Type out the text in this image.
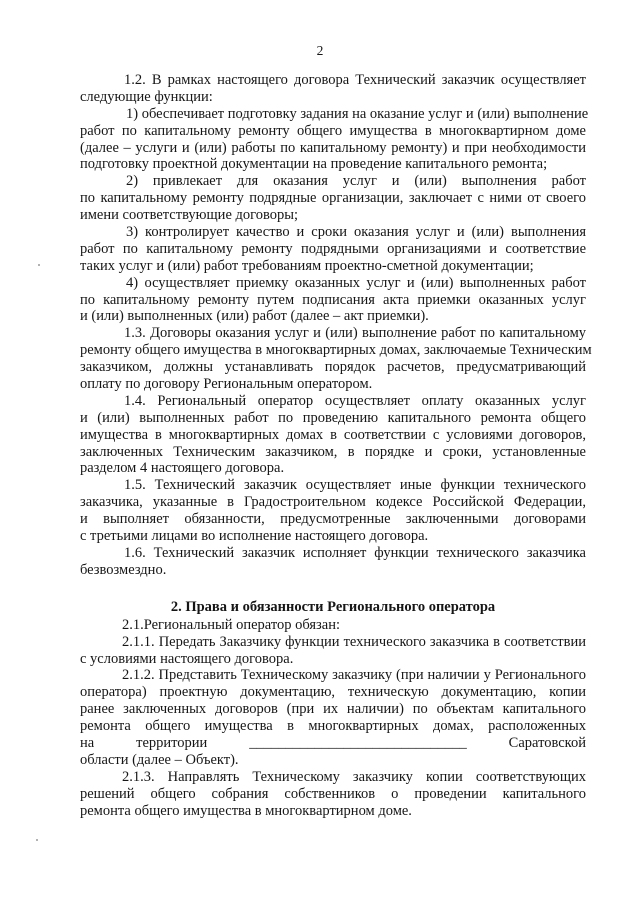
2
1.2. В рамках настоящего договора Технический заказчик осуществляет
следующие функции:
1) обеспечивает подготовку задания на оказание услуг и (или) выполнение
работ по капитальному ремонту общего имущества в многоквартирном доме
(далее – услуги и (или) работы по капитальному ремонту) и при необходимости
подготовку проектной документации на проведение капитального ремонта;
2) привлекает для оказания услуг и (или) выполнения работ
по капитальному ремонту подрядные организации, заключает с ними от своего
имени соответствующие договоры;
3) контролирует качество и сроки оказания услуг и (или) выполнения
работ по капитальному ремонту подрядными организациями и соответствие
таких услуг и (или) работ требованиям проектно-сметной документации;
4) осуществляет приемку оказанных услуг и (или) выполненных работ
по капитальному ремонту путем подписания акта приемки оказанных услуг
и (или) выполненных (или) работ (далее – акт приемки).
1.3. Договоры оказания услуг и (или) выполнение работ по капитальному
ремонту общего имущества в многоквартирных домах, заключаемые Техническим
заказчиком, должны устанавливать порядок расчетов, предусматривающий
оплату по договору Региональным оператором.
1.4. Региональный оператор осуществляет оплату оказанных услуг
и (или) выполненных работ по проведению капитального ремонта общего
имущества в многоквартирных домах в соответствии с условиями договоров,
заключенных Техническим заказчиком, в порядке и сроки, установленные
разделом 4 настоящего договора.
1.5. Технический заказчик осуществляет иные функции технического
заказчика, указанные в Градостроительном кодексе Российской Федерации,
и выполняет обязанности, предусмотренные заключенными договорами
с третьими лицами во исполнение настоящего договора.
1.6. Технический заказчик исполняет функции технического заказчика
безвозмездно.
2. Права и обязанности Регионального оператора
2.1.Региональный оператор обязан:
2.1.1. Передать Заказчику функции технического заказчика в соответствии
с условиями настоящего договора.
2.1.2. Представить Техническому заказчику (при наличии у Регионального
оператора) проектную документацию, техническую документацию, копии
ранее заключенных договоров (при их наличии) по объектам капитального
ремонта общего имущества в многоквартирных домах, расположенных
на территории ______________________________ Саратовской
области (далее – Объект).
2.1.3. Направлять Техническому заказчику копии соответствующих
решений общего собрания собственников о проведении капитального
ремонта общего имущества в многоквартирном доме.
